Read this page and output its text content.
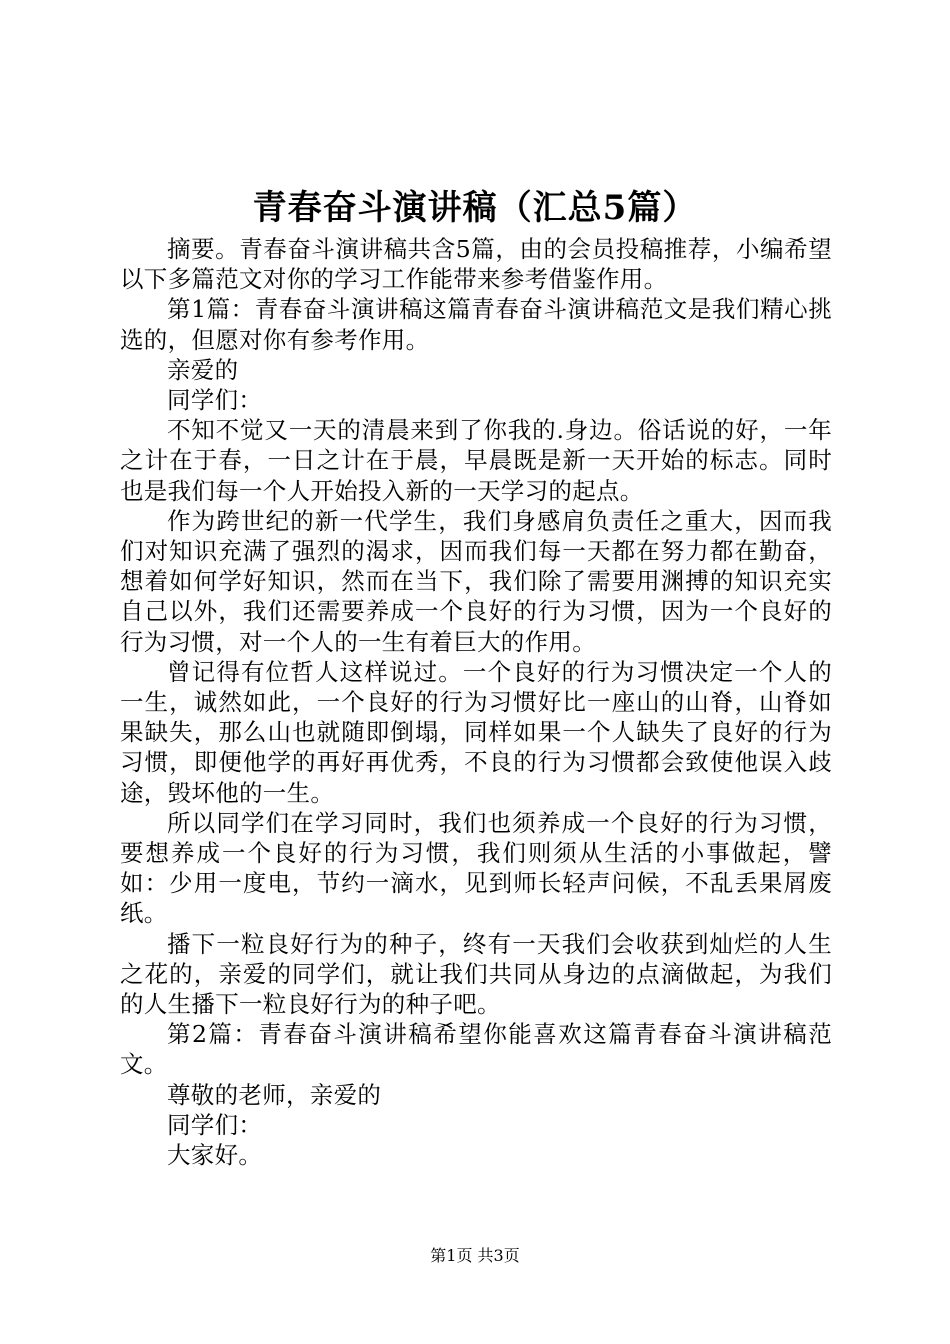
青春奋斗演讲稿（汇总5篇）

摘要。青春奋斗演讲稿共含5篇，由的会员投稿推荐，小编希望以下多篇范文对你的学习工作能带来参考借鉴作用。

第1篇：青春奋斗演讲稿这篇青春奋斗演讲稿范文是我们精心挑选的，但愿对你有参考作用。

亲爱的

同学们：

不知不觉又一天的清晨来到了你我的.身边。俗话说的好，一年之计在于春，一日之计在于晨，早晨既是新一天开始的标志。同时也是我们每一个人开始投入新的一天学习的起点。

作为跨世纪的新一代学生，我们身感肩负责任之重大，因而我们对知识充满了强烈的渴求，因而我们每一天都在努力都在勤奋，想着如何学好知识，然而在当下，我们除了需要用渊搏的知识充实自己以外，我们还需要养成一个良好的行为习惯，因为一个良好的行为习惯，对一个人的一生有着巨大的作用。

曾记得有位哲人这样说过。一个良好的行为习惯决定一个人的一生，诚然如此，一个良好的行为习惯好比一座山的山脊，山脊如果缺失，那么山也就随即倒塌，同样如果一个人缺失了良好的行为习惯，即便他学的再好再优秀，不良的行为习惯都会致使他误入歧途，毁坏他的一生。

所以同学们在学习同时，我们也须养成一个良好的行为习惯，要想养成一个良好的行为习惯，我们则须从生活的小事做起，譬如：少用一度电，节约一滴水，见到师长轻声问候，不乱丢果屑废纸。

播下一粒良好行为的种子，终有一天我们会收获到灿烂的人生之花的，亲爱的同学们，就让我们共同从身边的点滴做起，为我们的人生播下一粒良好行为的种子吧。

第2篇：青春奋斗演讲稿希望你能喜欢这篇青春奋斗演讲稿范文。

尊敬的老师，亲爱的

同学们：

大家好。

第1页 共3页
